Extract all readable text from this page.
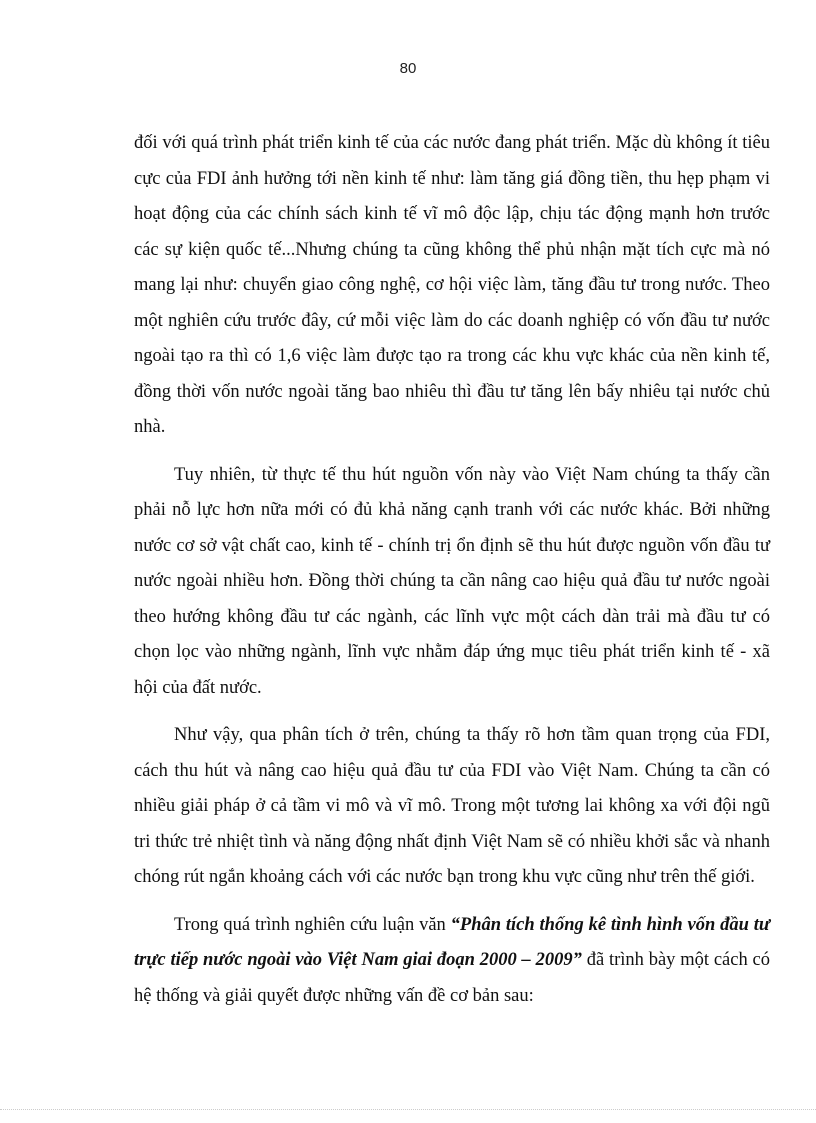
80

đối với quá trình phát triển kinh tế của các nước đang phát triển. Mặc dù không ít tiêu cực của FDI ảnh hưởng tới nền kinh tế như: làm tăng giá đồng tiền, thu hẹp phạm vi hoạt động của các chính sách kinh tế vĩ mô độc lập, chịu tác động mạnh hơn trước các sự kiện quốc tế...Nhưng chúng ta cũng không thể phủ nhận mặt tích cực mà nó mang lại như: chuyển giao công nghệ, cơ hội việc làm, tăng đầu tư trong nước. Theo một nghiên cứu trước đây, cứ mỗi việc làm do các doanh nghiệp có vốn đầu tư nước ngoài tạo ra thì có 1,6 việc làm được tạo ra trong các khu vực khác của nền kinh tế, đồng thời vốn nước ngoài tăng bao nhiêu thì đầu tư tăng lên bấy nhiêu tại nước chủ nhà.

Tuy nhiên, từ thực tế thu hút nguồn vốn này vào Việt Nam chúng ta thấy cần phải nỗ lực hơn nữa mới có đủ khả năng cạnh tranh với các nước khác. Bởi những nước cơ sở vật chất cao, kinh tế - chính trị ổn định sẽ thu hút được nguồn vốn đầu tư nước ngoài nhiều hơn. Đồng thời chúng ta cần nâng cao hiệu quả đầu tư nước ngoài theo hướng không đầu tư các ngành, các lĩnh vực một cách dàn trải mà đầu tư có chọn lọc vào những ngành, lĩnh vực nhằm đáp ứng mục tiêu phát triển kinh tế - xã hội của đất nước.

Như vậy, qua phân tích ở trên, chúng ta thấy rõ hơn tầm quan trọng của FDI, cách thu hút và nâng cao hiệu quả đầu tư của FDI vào Việt Nam. Chúng ta cần có nhiều giải pháp ở cả tầm vi mô và vĩ mô. Trong một tương lai không xa với đội ngũ tri thức trẻ nhiệt tình và năng động nhất định Việt Nam sẽ có nhiều khởi sắc và nhanh chóng rút ngắn khoảng cách với các nước bạn trong khu vực cũng như trên thế giới.

Trong quá trình nghiên cứu luận văn “Phân tích thống kê tình hình vốn đầu tư trực tiếp nước ngoài vào Việt Nam giai đoạn 2000 – 2009” đã trình bày một cách có hệ thống và giải quyết được những vấn đề cơ bản sau:
